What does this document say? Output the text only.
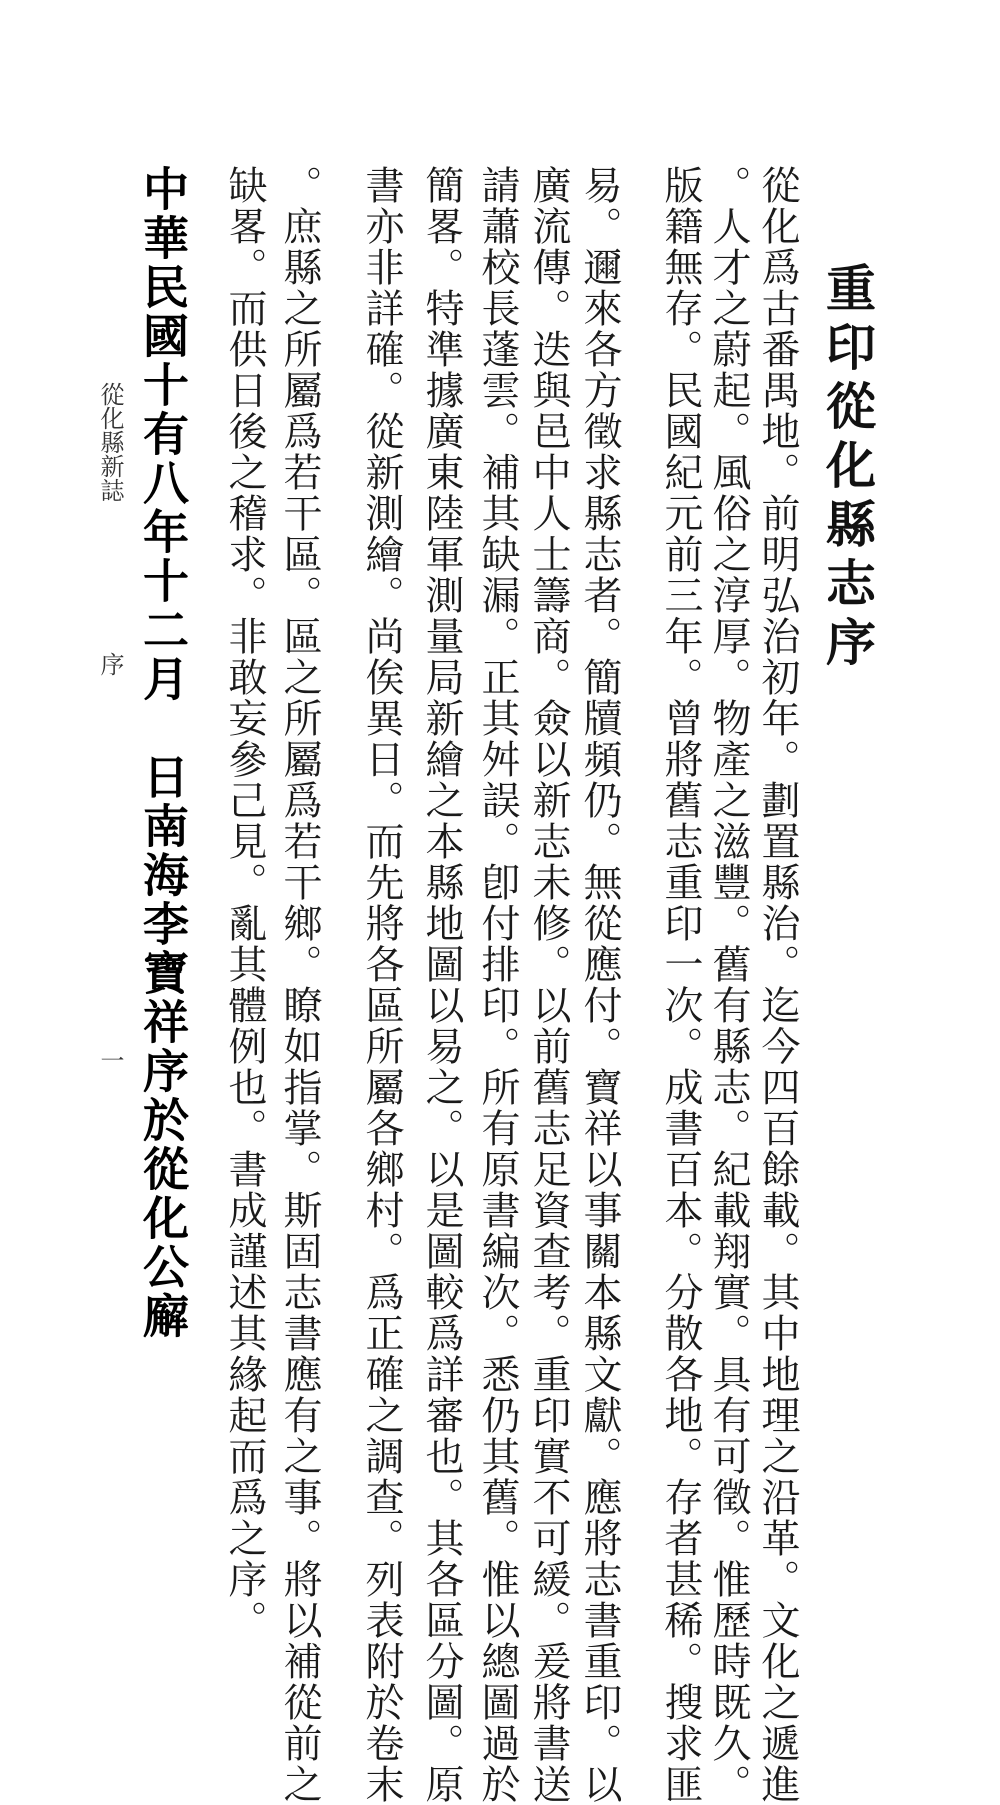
重印從化縣志序
從化爲古番禺地。前明弘治初年。劃置縣治。迄今四百餘載。其中地理之沿革。文化之遞進
。人才之蔚起。風俗之淳厚。物產之滋豐。舊有縣志。紀載翔實。具有可徵。惟歷時既久。
版籍無存。民國紀元前三年。曾將舊志重印一次。成書百本。分散各地。存者甚稀。搜求匪
易。邇來各方徵求縣志者。簡牘頻仍。無從應付。寶祥以事關本縣文獻。應將志書重印。以
廣流傳。迭與邑中人士籌商。僉以新志未修。以前舊志足資查考。重印實不可緩。爰將書送
請蕭校長蓬雲。補其缺漏。正其舛誤。卽付排印。所有原書編次。悉仍其舊。惟以總圖過於
簡畧。特準據廣東陸軍測量局新繪之本縣地圖以易之。以是圖較爲詳審也。其各區分圖。原
書亦非詳確。從新測繪。尚俟異日。而先將各區所屬各鄉村。爲正確之調查。列表附於卷末
。庶縣之所屬爲若干區。區之所屬爲若干鄉。瞭如指掌。斯固志書應有之事。將以補從前之
缺畧。而供日後之稽求。非敢妄參己見。亂其體例也。書成謹述其緣起而爲之序。
中華民國十有八年十二月　日南海李寶祥序於從化公廨
從化縣新誌
序
一
